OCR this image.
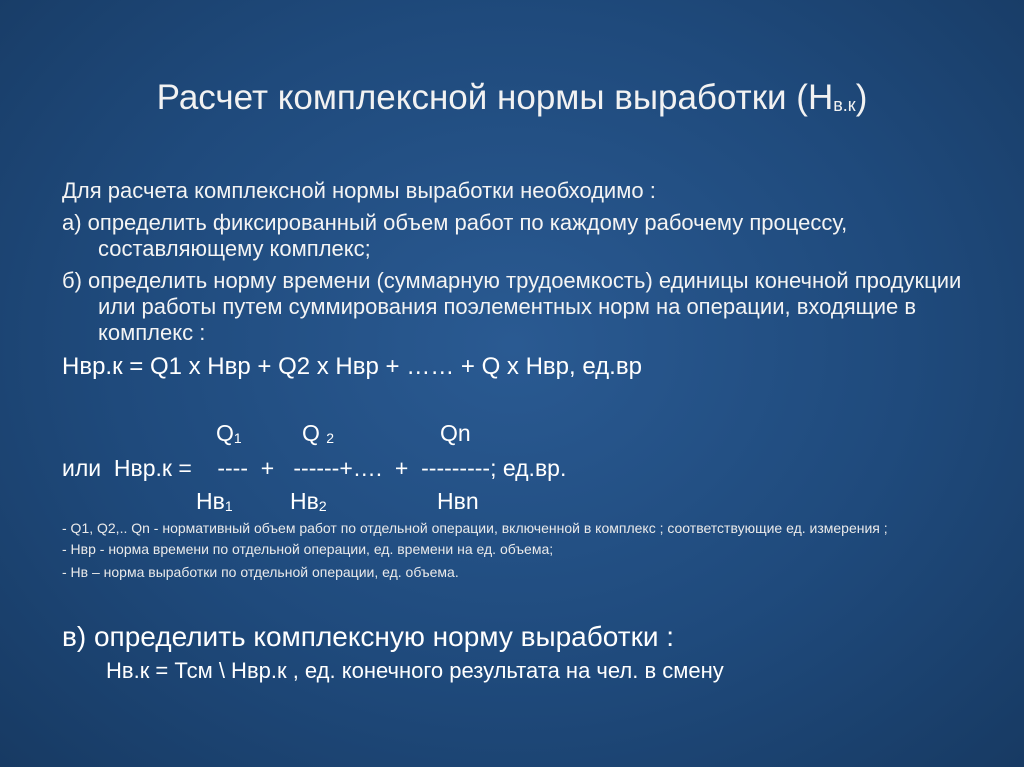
Расчет комплексной нормы выработки $(Н_{в.к})$

Для расчета комплексной нормы выработки необходимо :

а) определить фиксированный объем работ по каждому рабочему процессу, составляющему комплекс;

б) определить норму времени (суммарную трудоемкость) единицы конечной продукции или работы путем суммирования поэлементных норм на операции, входящие в комплекс :

Нвр.к = Q1 х Нвр + Q2 х Нвр + …… + Q х Нвр, ед.вр

Q1	Q 2	Qn
или  Нвр.к =    ----  +   ------+….  +  ---------; ед.вр.
Нв1 Нв2	Нвn

- Q1, Q2,.. Qn - нормативный объем работ по отдельной операции, включенной в комплекс ; соответствующие ед. измерения ;

- Нвр - норма времени по отдельной операции, ед. времени на ед. объема;

- Нв – норма выработки по отдельной операции, ед. объема.

в) определить комплексную норму выработки :
Нв.к = Тсм \ Нвр.к , ед. конечного результата на чел. в смену
